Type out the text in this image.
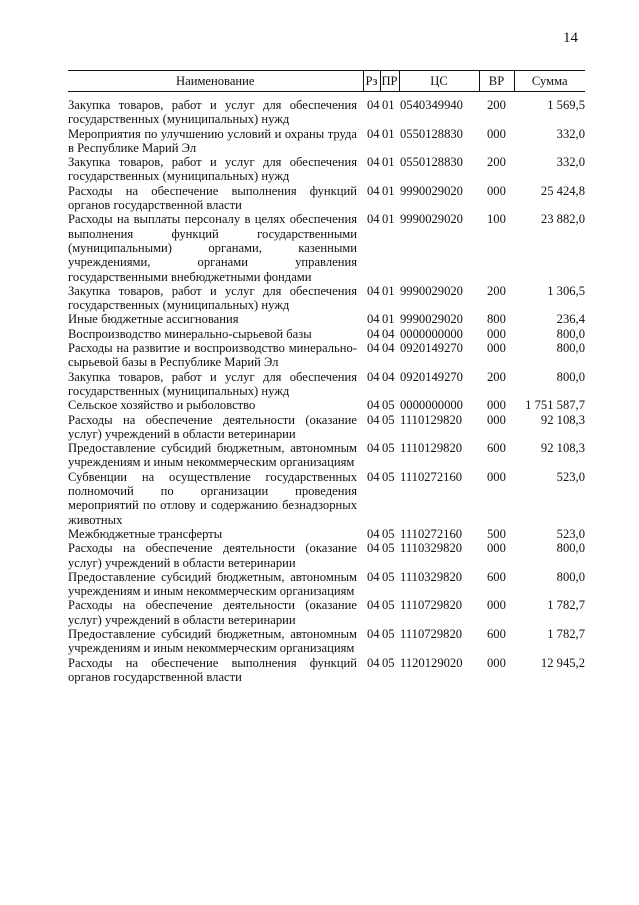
14
Наименование	Рз	ПР	ЦС	ВР	Сумма
Закупка товаров, работ и услуг для обеспечения государственных (муниципальных) нужд	04	01	0540349940	200	1 569,5
Мероприятия по улучшению условий и охраны труда в Республике Марий Эл	04	01	0550128830	000	332,0
Закупка товаров, работ и услуг для обеспечения государственных (муниципальных) нужд	04	01	0550128830	200	332,0
Расходы на обеспечение выполнения функций органов государственной власти	04	01	9990029020	000	25 424,8
Расходы на выплаты персоналу в целях обеспечения выполнения функций государственными (муниципальными) органами, казенными учреждениями, органами управления государственными внебюджетными фондами	04	01	9990029020	100	23 882,0
Закупка товаров, работ и услуг для обеспечения государственных (муниципальных) нужд	04	01	9990029020	200	1 306,5
Иные бюджетные ассигнования	04	01	9990029020	800	236,4
Воспроизводство минерально-сырьевой базы	04	04	0000000000	000	800,0
Расходы на развитие и воспроизводство минерально-сырьевой базы в Республике Марий Эл	04	04	0920149270	000	800,0
Закупка товаров, работ и услуг для обеспечения государственных (муниципальных) нужд	04	04	0920149270	200	800,0
Сельское хозяйство и рыболовство	04	05	0000000000	000	1 751 587,7
Расходы на обеспечение деятельности (оказание услуг) учреждений в области ветеринарии	04	05	1110129820	000	92 108,3
Предоставление субсидий бюджетным, автономным учреждениям и иным некоммерческим организациям	04	05	1110129820	600	92 108,3
Субвенции на осуществление государственных полномочий по организации проведения мероприятий по отлову и содержанию безнадзорных животных	04	05	1110272160	000	523,0
Межбюджетные трансферты	04	05	1110272160	500	523,0
Расходы на обеспечение деятельности (оказание услуг) учреждений в области ветеринарии	04	05	1110329820	000	800,0
Предоставление субсидий бюджетным, автономным учреждениям и иным некоммерческим организациям	04	05	1110329820	600	800,0
Расходы на обеспечение деятельности (оказание услуг) учреждений в области ветеринарии	04	05	1110729820	000	1 782,7
Предоставление субсидий бюджетным, автономным учреждениям и иным некоммерческим организациям	04	05	1110729820	600	1 782,7
Расходы на обеспечение выполнения функций органов государственной власти	04	05	1120129020	000	12 945,2
